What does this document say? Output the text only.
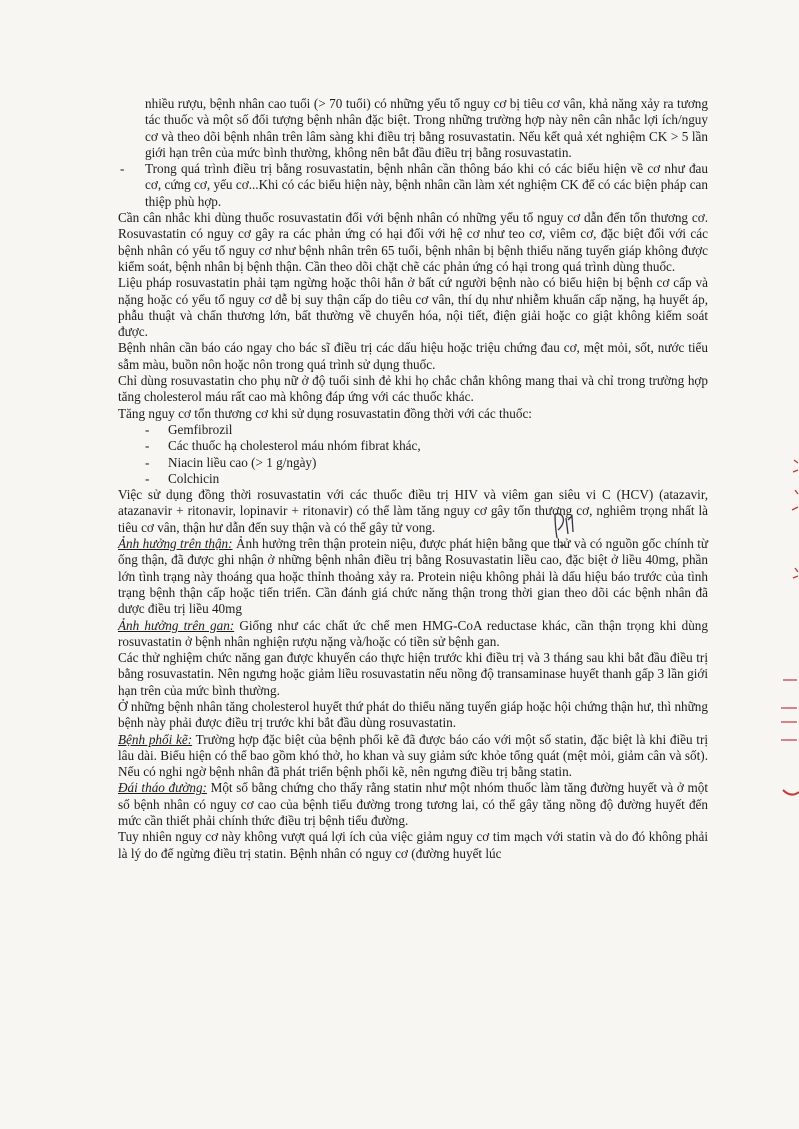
nhiều rượu, bệnh nhân cao tuổi (> 70 tuổi) có những yếu tố nguy cơ bị tiêu cơ vân, khả năng xảy ra tương tác thuốc và một số đối tượng bệnh nhân đặc biệt. Trong những trường hợp này nên cân nhắc lợi ích/nguy cơ và theo dõi bệnh nhân trên lâm sàng khi điều trị bằng rosuvastatin. Nếu kết quả xét nghiệm CK > 5 lần giới hạn trên của mức bình thường, không nên bắt đầu điều trị bằng rosuvastatin.

- Trong quá trình điều trị bằng rosuvastatin, bệnh nhân cần thông báo khi có các biểu hiện về cơ như đau cơ, cứng cơ, yếu cơ...Khi có các biểu hiện này, bệnh nhân cần làm xét nghiệm CK để có các biện pháp can thiệp phù hợp.

Cần cân nhắc khi dùng thuốc rosuvastatin đối với bệnh nhân có những yếu tố nguy cơ dẫn đến tổn thương cơ. Rosuvastatin có nguy cơ gây ra các phản ứng có hại đối với hệ cơ như teo cơ, viêm cơ, đặc biệt đối với các bệnh nhân có yếu tố nguy cơ như bệnh nhân trên 65 tuổi, bệnh nhân bị bệnh thiểu năng tuyến giáp không được kiểm soát, bệnh nhân bị bệnh thận. Cần theo dõi chặt chẽ các phản ứng có hại trong quá trình dùng thuốc.

Liệu pháp rosuvastatin phải tạm ngừng hoặc thôi hẳn ở bất cứ người bệnh nào có biểu hiện bị bệnh cơ cấp và nặng hoặc có yếu tố nguy cơ dễ bị suy thận cấp do tiêu cơ vân, thí dụ như nhiễm khuẩn cấp nặng, hạ huyết áp, phẫu thuật và chấn thương lớn, bất thường về chuyển hóa, nội tiết, điện giải hoặc co giật không kiểm soát được.

Bệnh nhân cần báo cáo ngay cho bác sĩ điều trị các dấu hiệu hoặc triệu chứng đau cơ, mệt mỏi, sốt, nước tiểu sẫm màu, buồn nôn hoặc nôn trong quá trình sử dụng thuốc.

Chỉ dùng rosuvastatin cho phụ nữ ở độ tuổi sinh đẻ khi họ chắc chắn không mang thai và chỉ trong trường hợp tăng cholesterol máu rất cao mà không đáp ứng với các thuốc khác.

Tăng nguy cơ tổn thương cơ khi sử dụng rosuvastatin đồng thời với các thuốc:

- Gemfibrozil
- Các thuốc hạ cholesterol máu nhóm fibrat khác,
- Niacin liều cao (> 1 g/ngày)
- Colchicin

Việc sử dụng đồng thời rosuvastatin với các thuốc điều trị HIV và viêm gan siêu vi C (HCV) (atazavir, atazanavir + ritonavir, lopinavir + ritonavir) có thể làm tăng nguy cơ gây tổn thương cơ, nghiêm trọng nhất là tiêu cơ vân, thận hư dẫn đến suy thận và có thể gây tử vong.

Ảnh hưởng trên thận: Ảnh hưởng trên thận protein niệu, được phát hiện bằng que thử và có nguồn gốc chính từ ống thận, đã được ghi nhận ở những bệnh nhân điều trị bằng Rosuvastatin liều cao, đặc biệt ở liều 40mg, phần lớn tình trạng này thoáng qua hoặc thỉnh thoảng xảy ra. Protein niệu không phải là dấu hiệu báo trước của tình trạng bệnh thận cấp hoặc tiến triển. Cần đánh giá chức năng thận trong thời gian theo dõi các bệnh nhân đã dược điều trị liều 40mg

Ảnh hưởng trên gan: Giống như các chất ức chế men HMG-CoA reductase khác, cần thận trọng khi dùng rosuvastatin ở bệnh nhân nghiện rượu nặng và/hoặc có tiền sử bệnh gan.

Các thử nghiệm chức năng gan được khuyến cáo thực hiện trước khi điều trị và 3 tháng sau khi bắt đầu điều trị bằng rosuvastatin. Nên ngưng hoặc giảm liều rosuvastatin nếu nồng độ transaminase huyết thanh gấp 3 lần giới hạn trên của mức bình thường.

Ở những bệnh nhân tăng cholesterol huyết thứ phát do thiểu năng tuyến giáp hoặc hội chứng thận hư, thì những bệnh này phải được điều trị trước khi bắt đầu dùng rosuvastatin.

Bệnh phổi kẽ: Trường hợp đặc biệt của bệnh phổi kẽ đã được báo cáo với một số statin, đặc biệt là khi điều trị lâu dài. Biểu hiện có thể bao gồm khó thở, ho khan và suy giảm sức khỏe tổng quát (mệt mỏi, giảm cân và sốt). Nếu có nghi ngờ bệnh nhân đã phát triển bệnh phổi kẽ, nên ngưng điều trị bằng statin.

Đái tháo đường: Một số bằng chứng cho thấy rằng statin như một nhóm thuốc làm tăng đường huyết và ở một số bệnh nhân có nguy cơ cao của bệnh tiểu đường trong tương lai, có thể gây tăng nồng độ đường huyết đến mức cần thiết phải chính thức điều trị bệnh tiểu đường.

Tuy nhiên nguy cơ này không vượt quá lợi ích của việc giảm nguy cơ tim mạch với statin và do đó không phải là lý do để ngừng điều trị statin. Bệnh nhân có nguy cơ (đường huyết lúc
